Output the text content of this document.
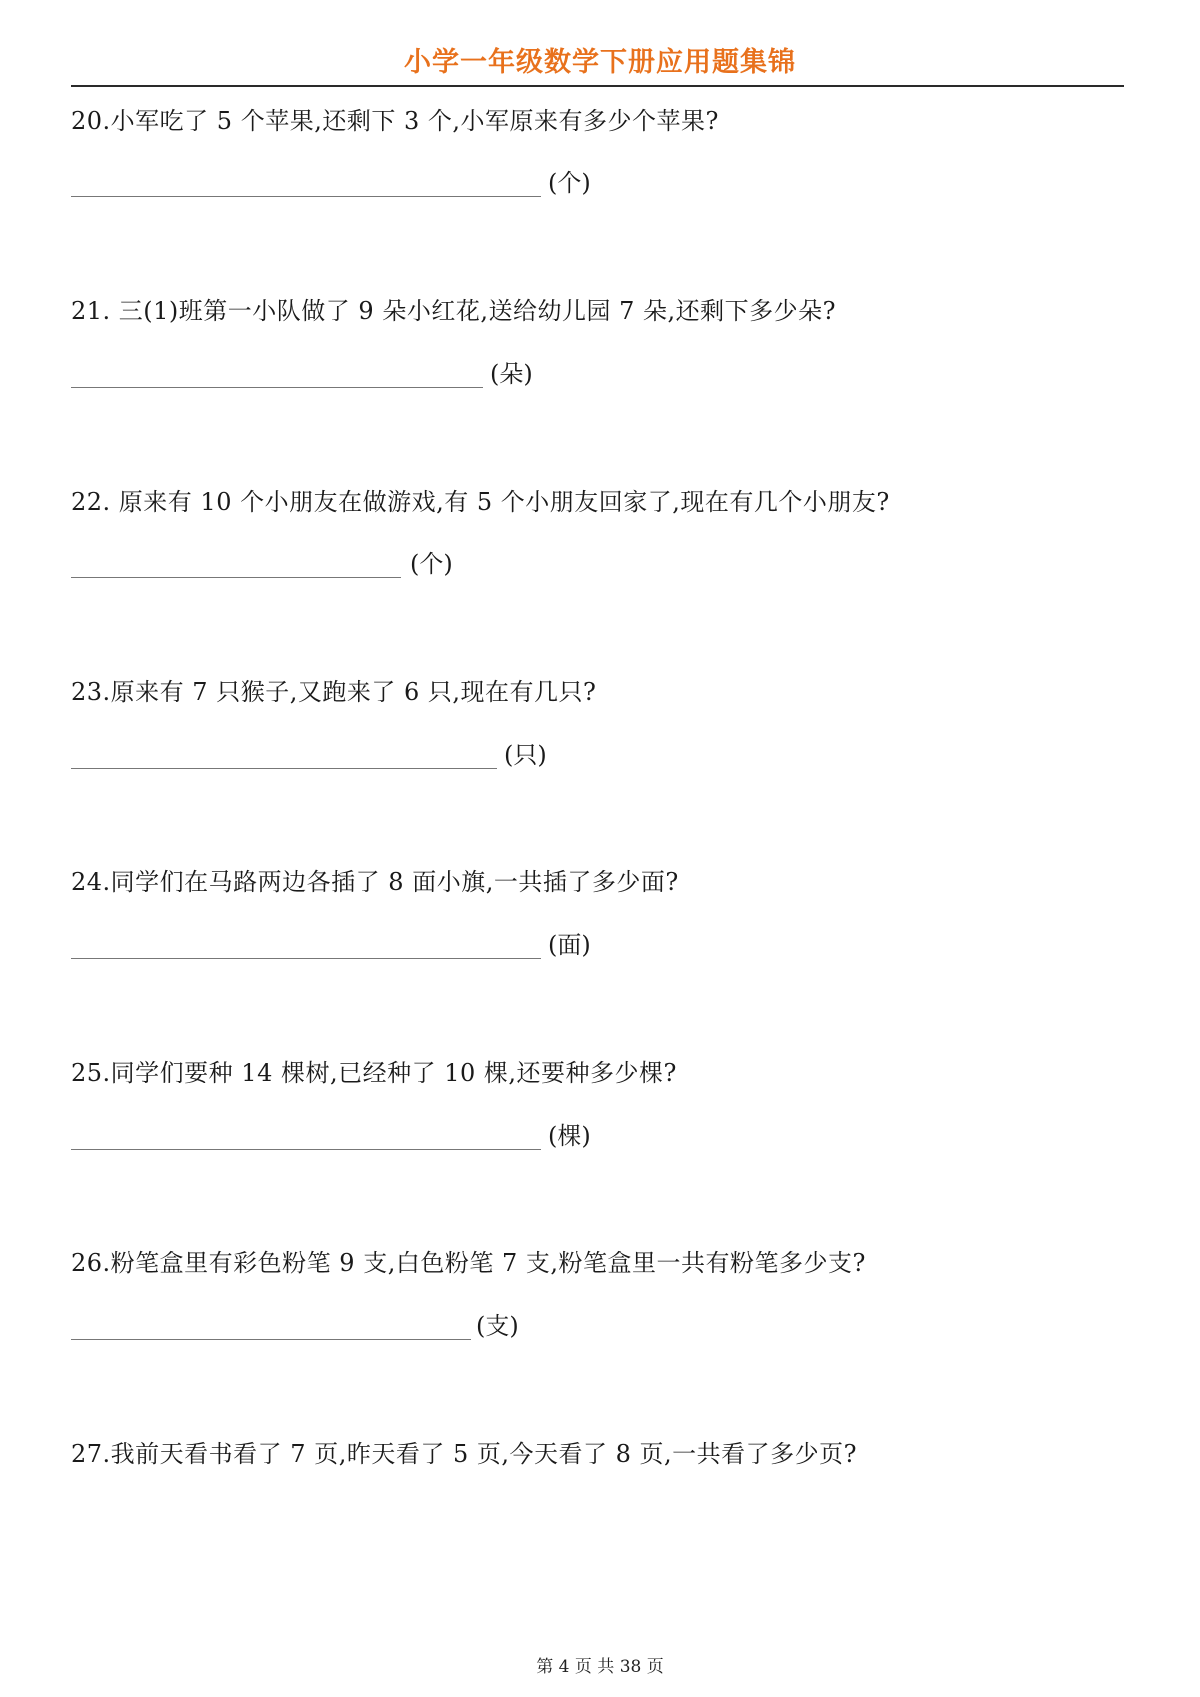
小学一年级数学下册应用题集锦
20.小军吃了 5 个苹果,还剩下 3 个,小军原来有多少个苹果?
(个)
21. 三(1)班第一小队做了 9 朵小红花,送给幼儿园 7 朵,还剩下多少朵?
(朵)
22. 原来有 10 个小朋友在做游戏,有 5 个小朋友回家了,现在有几个小朋友?
(个)
23.原来有 7 只猴子,又跑来了 6 只,现在有几只?
(只)
24.同学们在马路两边各插了 8 面小旗,一共插了多少面?
(面)
25.同学们要种 14 棵树,已经种了 10 棵,还要种多少棵?
(棵)
26.粉笔盒里有彩色粉笔 9 支,白色粉笔 7 支,粉笔盒里一共有粉笔多少支?
(支)
27.我前天看书看了 7 页,昨天看了 5 页,今天看了 8 页,一共看了多少页?
第 4 页 共 38 页
